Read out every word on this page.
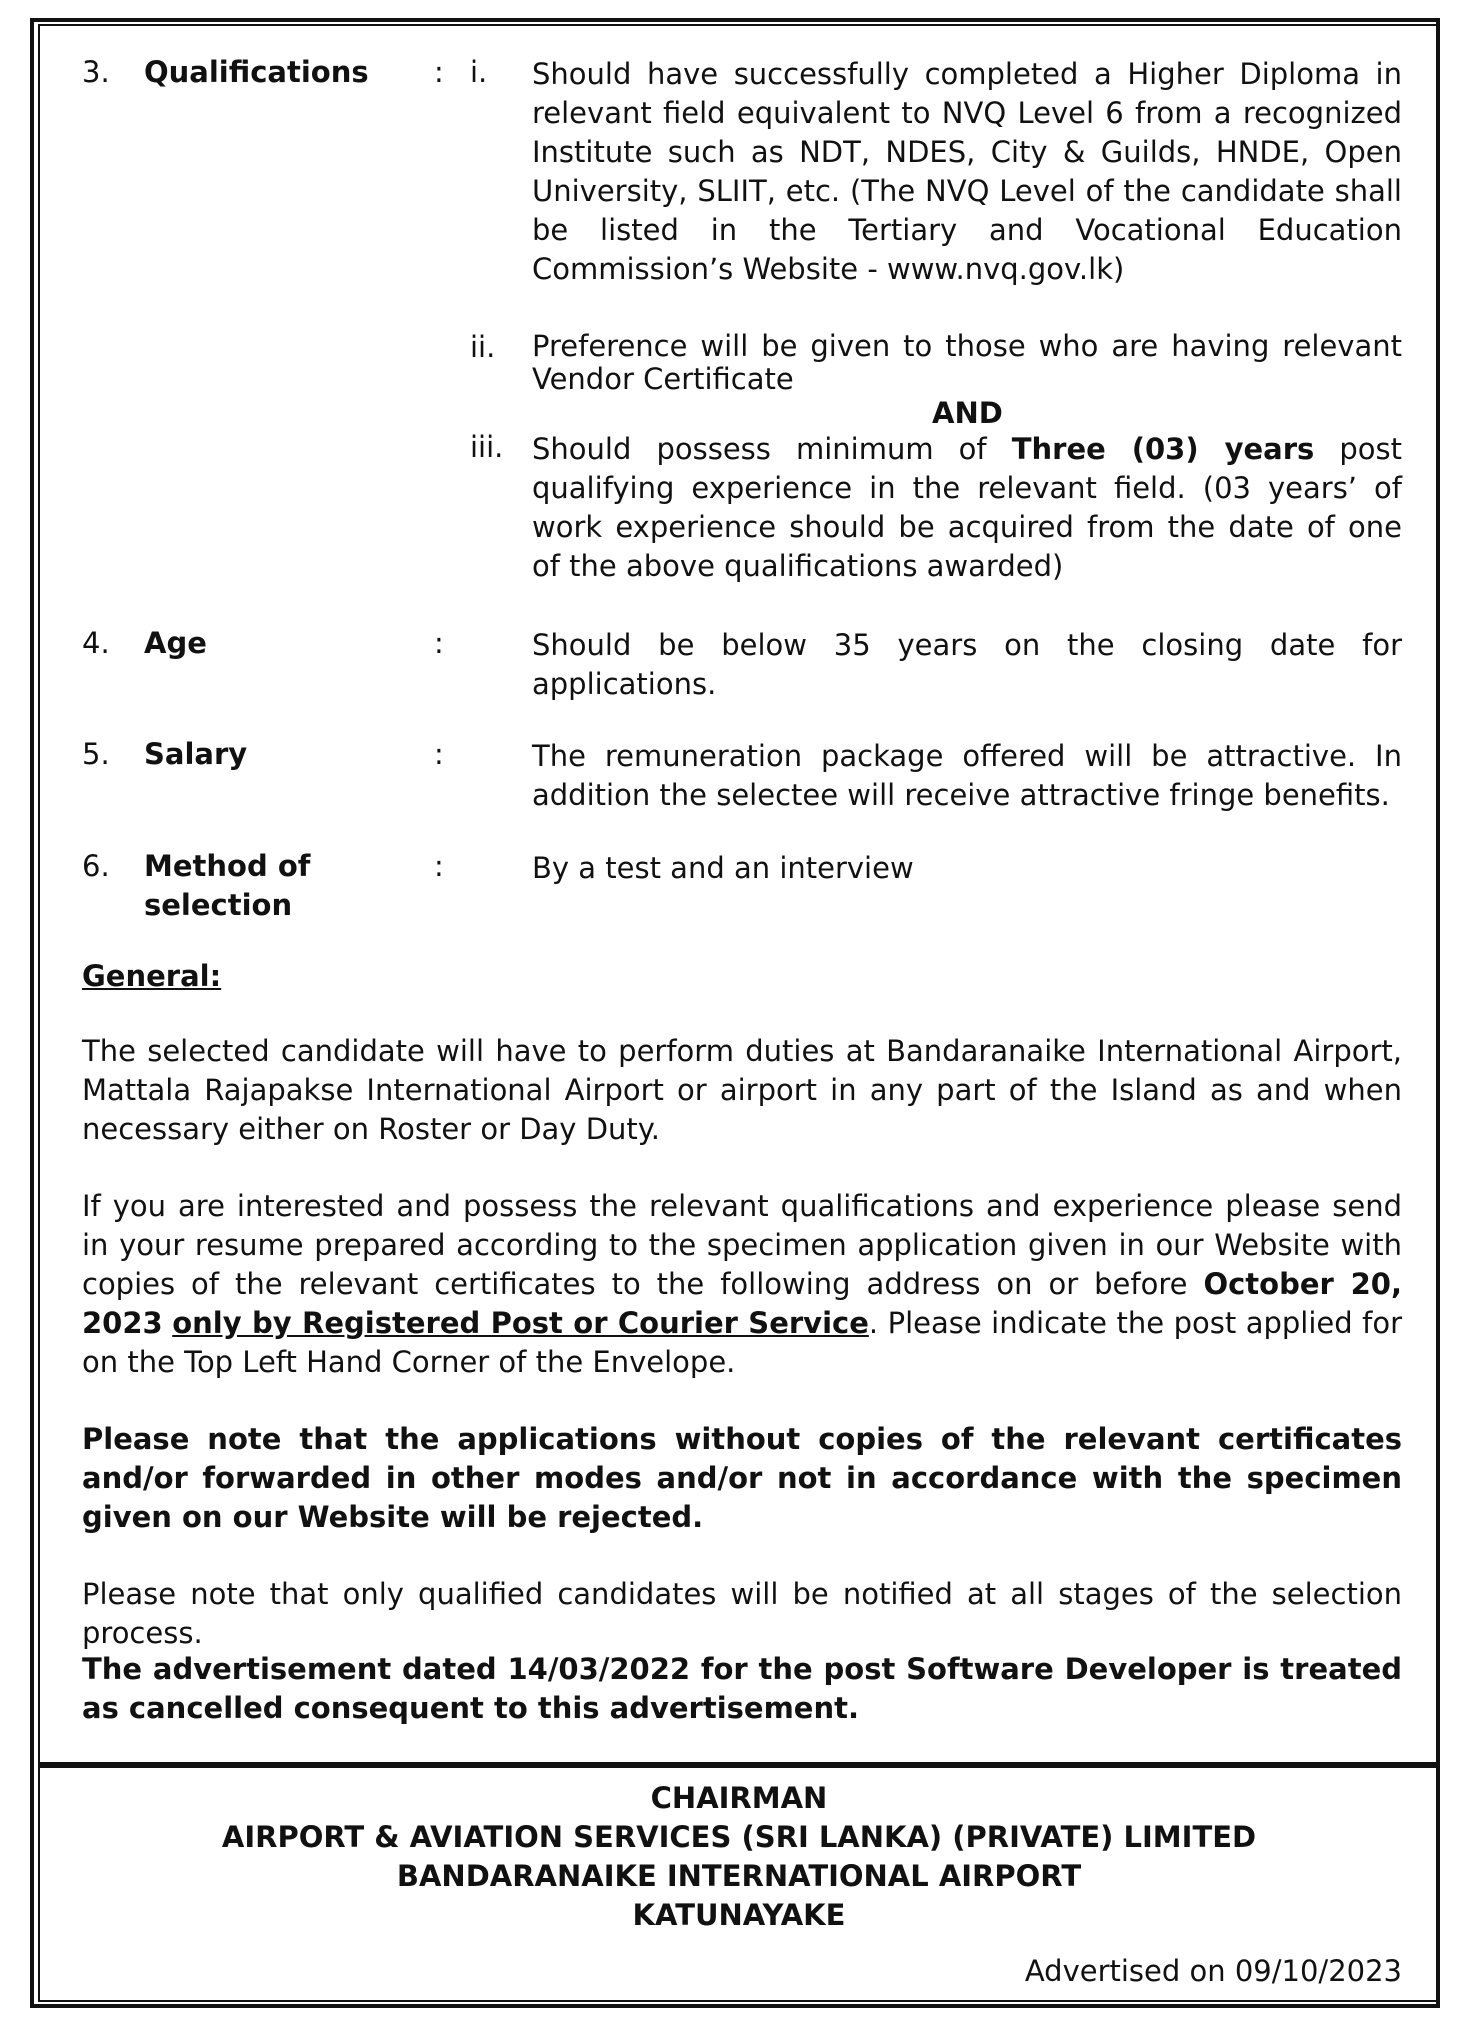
3. Qualifications : i. Should have successfully completed a Higher Diploma in relevant field equivalent to NVQ Level 6 from a recognized Institute such as NDT, NDES, City & Guilds, HNDE, Open University, SLIIT, etc. (The NVQ Level of the candidate shall be listed in the Tertiary and Vocational Education Commission’s Website - www.nvq.gov.lk)
ii. Preference will be given to those who are having relevant Vendor Certificate
AND
iii. Should possess minimum of Three (03) years post qualifying experience in the relevant field. (03 years’ of work experience should be acquired from the date of one of the above qualifications awarded)
4. Age	:	Should be below 35 years on the closing date for applications.
5. Salary	:	The remuneration package offered will be attractive. In addition the selectee will receive attractive fringe benefits.
6. Method of
selection
:	By a test and an interview
General:
The selected candidate will have to perform duties at Bandaranaike International Airport, Mattala Rajapakse International Airport or airport in any part of the Island as and when necessary either on Roster or Day Duty.
If you are interested and possess the relevant qualifications and experience please send in your resume prepared according to the specimen application given in our Website with copies of the relevant certificates to the following address on or before October 20, 2023 only by Registered Post or Courier Service. Please indicate the post applied for on the Top Left Hand Corner of the Envelope.
Please note that the applications without copies of the relevant certificates and/or forwarded in other modes and/or not in accordance with the specimen given on our Website will be rejected.
Please note that only qualified candidates will be notified at all stages of the selection process.
The advertisement dated 14/03/2022 for the post Software Developer is treated as cancelled consequent to this advertisement.
CHAIRMAN
AIRPORT & AVIATION SERVICES (SRI LANKA) (PRIVATE) LIMITED
BANDARANAIKE INTERNATIONAL AIRPORT
KATUNAYAKE
Advertised on 09/10/2023
